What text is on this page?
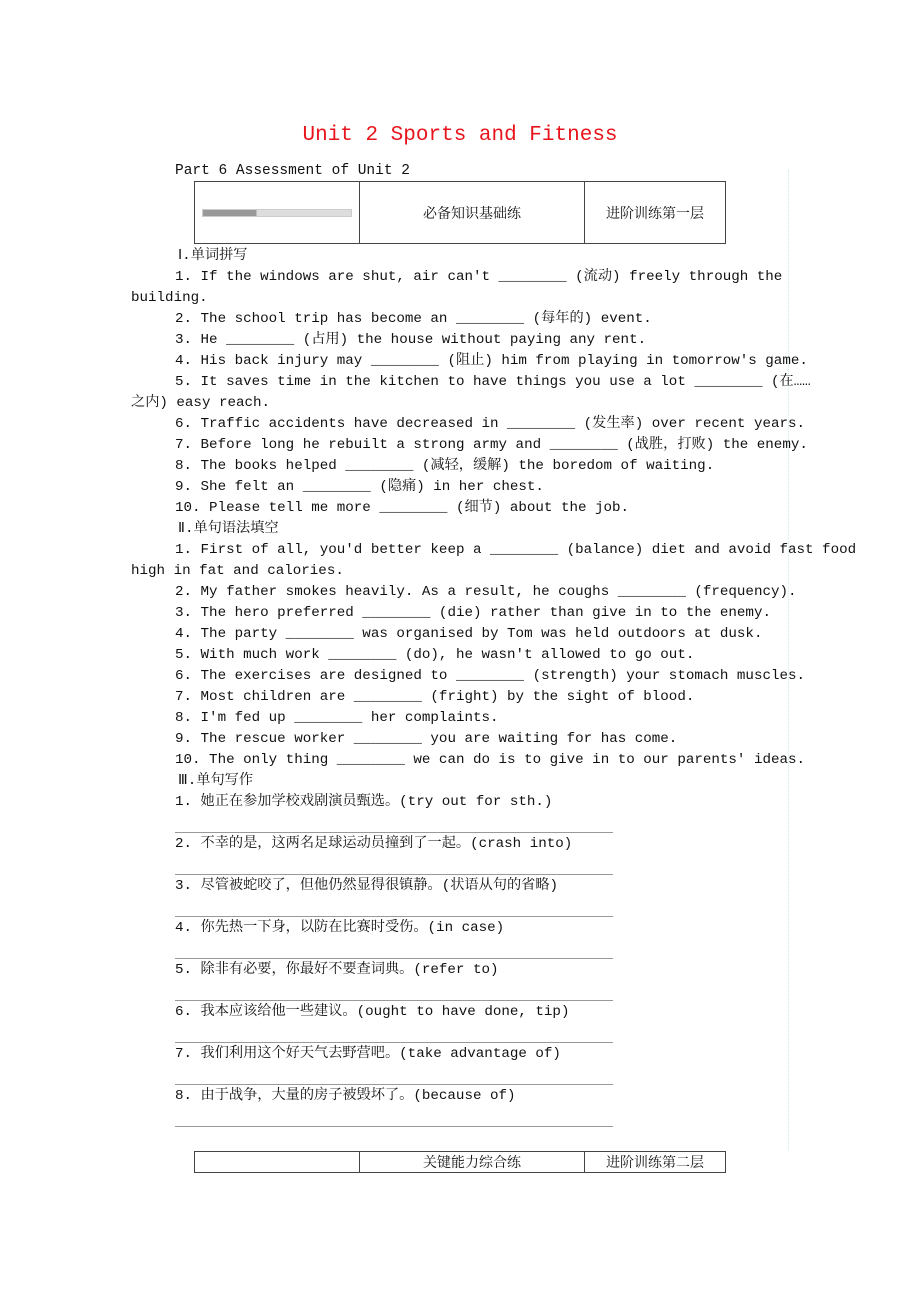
Unit 2 Sports and Fitness
Part 6 Assessment of Unit 2
	必备知识基础练	进阶训练第一层
Ⅰ.单词拼写
1. If the windows are shut, air can't ________ (流动) freely through the
building.
2. The school trip has become an ________ (每年的) event.
3. He ________ (占用) the house without paying any rent.
4. His back injury may ________ (阻止) him from playing in tomorrow's game.
5. It saves time in the kitchen to have things you use a lot ________ (在……
之内) easy reach.
6. Traffic accidents have decreased in ________ (发生率) over recent years.
7. Before long he rebuilt a strong army and ________ (战胜，打败) the enemy.
8. The books helped ________ (减轻，缓解) the boredom of waiting.
9. She felt an ________ (隐痛) in her chest.
10. Please tell me more ________ (细节) about the job.
Ⅱ.单句语法填空
1. First of all, you'd better keep a ________ (balance) diet and avoid fast food
high in fat and calories.
2. My father smokes heavily. As a result, he coughs ________ (frequency).
3. The hero preferred ________ (die) rather than give in to the enemy.
4. The party ________ was organised by Tom was held outdoors at dusk.
5. With much work ________ (do), he wasn't allowed to go out.
6. The exercises are designed to ________ (strength) your stomach muscles.
7. Most children are ________ (fright) by the sight of blood.
8. I'm fed up ________ her complaints.
9. The rescue worker ________ you are waiting for has come.
10. The only thing ________ we can do is to give in to our parents' ideas.
Ⅲ.单句写作
1. 她正在参加学校戏剧演员甄选。(try out for sth.)
2. 不幸的是，这两名足球运动员撞到了一起。(crash into)
3. 尽管被蛇咬了，但他仍然显得很镇静。(状语从句的省略)
4. 你先热一下身，以防在比赛时受伤。(in case)
5. 除非有必要，你最好不要查词典。(refer to)
6. 我本应该给他一些建议。(ought to have done, tip)
7. 我们利用这个好天气去野营吧。(take advantage of)
8. 由于战争，大量的房子被毁坏了。(because of)
	关键能力综合练	进阶训练第二层
